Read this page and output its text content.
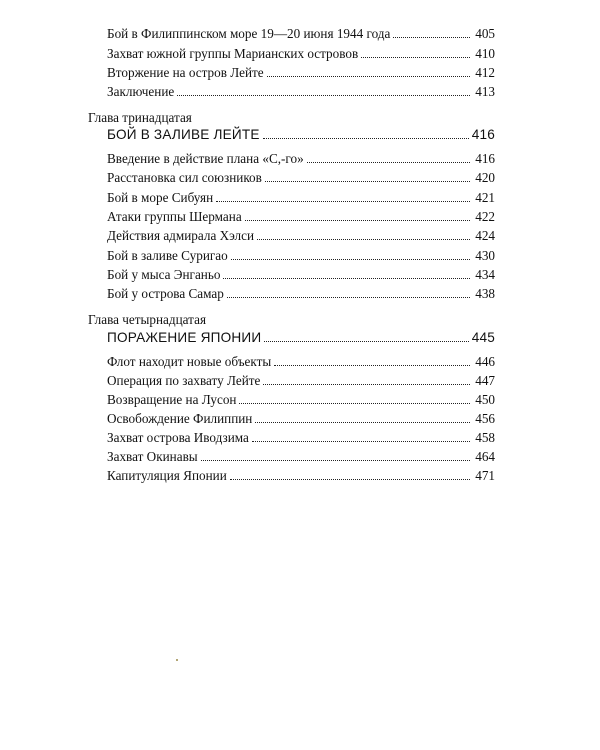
Бой в Филиппинском море 19—20 июня 1944 года	405
Захват южной группы Марианских островов	410
Вторжение на остров Лейте	412
Заключение	413
Глава тринадцатая
БОЙ В ЗАЛИВЕ ЛЕЙТЕ	416
Введение в действие плана «С,-го»	416
Расстановка сил союзников	420
Бой в море Сибуян	421
Атаки группы Шермана	422
Действия адмирала Хэлси	424
Бой в заливе Суригао	430
Бой у мыса Энганьо	434
Бой у острова Самар	438
Глава четырнадцатая
ПОРАЖЕНИЕ ЯПОНИИ	445
Флот находит новые объекты	446
Операция по захвату Лейте	447
Возвращение на Лусон	450
Освобождение Филиппин	456
Захват острова Иводзима	458
Захват Окинавы	464
Капитуляция Японии	471
